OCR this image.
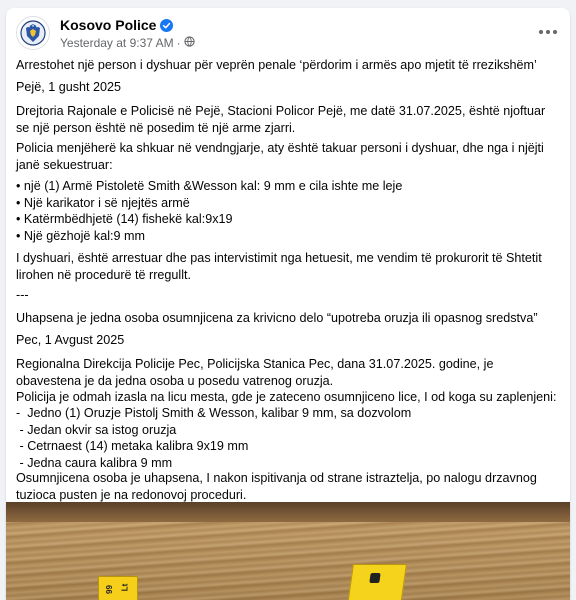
Kosovo Police
Yesterday at 9:37 AM ·

Arrestohet një person i dyshuar për veprën penale ‘përdorim i armës apo mjetit të rrezikshëm’

Pejë, 1 gusht 2025

Drejtoria Rajonale e Policisë në Pejë, Stacioni Policor Pejë, me datë 31.07.2025, është njoftuar se një person është në posedim të një arme zjarri.

Policia menjëherë ka shkuar në vendngjarje, aty është takuar personi i dyshuar, dhe nga i njëjti janë sekuestruar:

• një (1) Armë Pistoletë Smith &Wesson kal: 9 mm e cila ishte me leje

• Një karikator i së njejtës armë

• Katërmbëdhjetë (14) fishekë kal:9x19

• Një gëzhojë kal:9 mm

I dyshuari, është arrestuar dhe pas intervistimit nga hetuesit, me vendim të prokurorit të Shtetit lirohen në procedurë të rregullt.

---

Uhapsena je jedna osoba osumnjicena za krivicno delo “upotreba oruzja ili opasnog sredstva”

Pec, 1 Avgust 2025

Regionalna Direkcija Policije Pec, Policijska Stanica Pec, dana 31.07.2025. godine, je obavestena je da jedna osoba u posedu vatrenog oruzja.

Policija je odmah izasla na licu mesta, gde je zateceno osumnjiceno lice, I od koga su zaplenjeni:

-  Jedno (1) Oruzje Pistolj Smith & Wesson, kalibar 9 mm, sa dozvolom

- Jedan okvir sa istog oruzja

- Cetrnaest (14) metaka kalibra 9x19 mm

- Jedna caura kalibra 9 mm

Osumnjicena osoba je uhapsena, I nakon ispitivanja od strane istraztelja, po nalogu drzavnog tuzioca pusten je na redonovoj proceduri.

99 Lt
